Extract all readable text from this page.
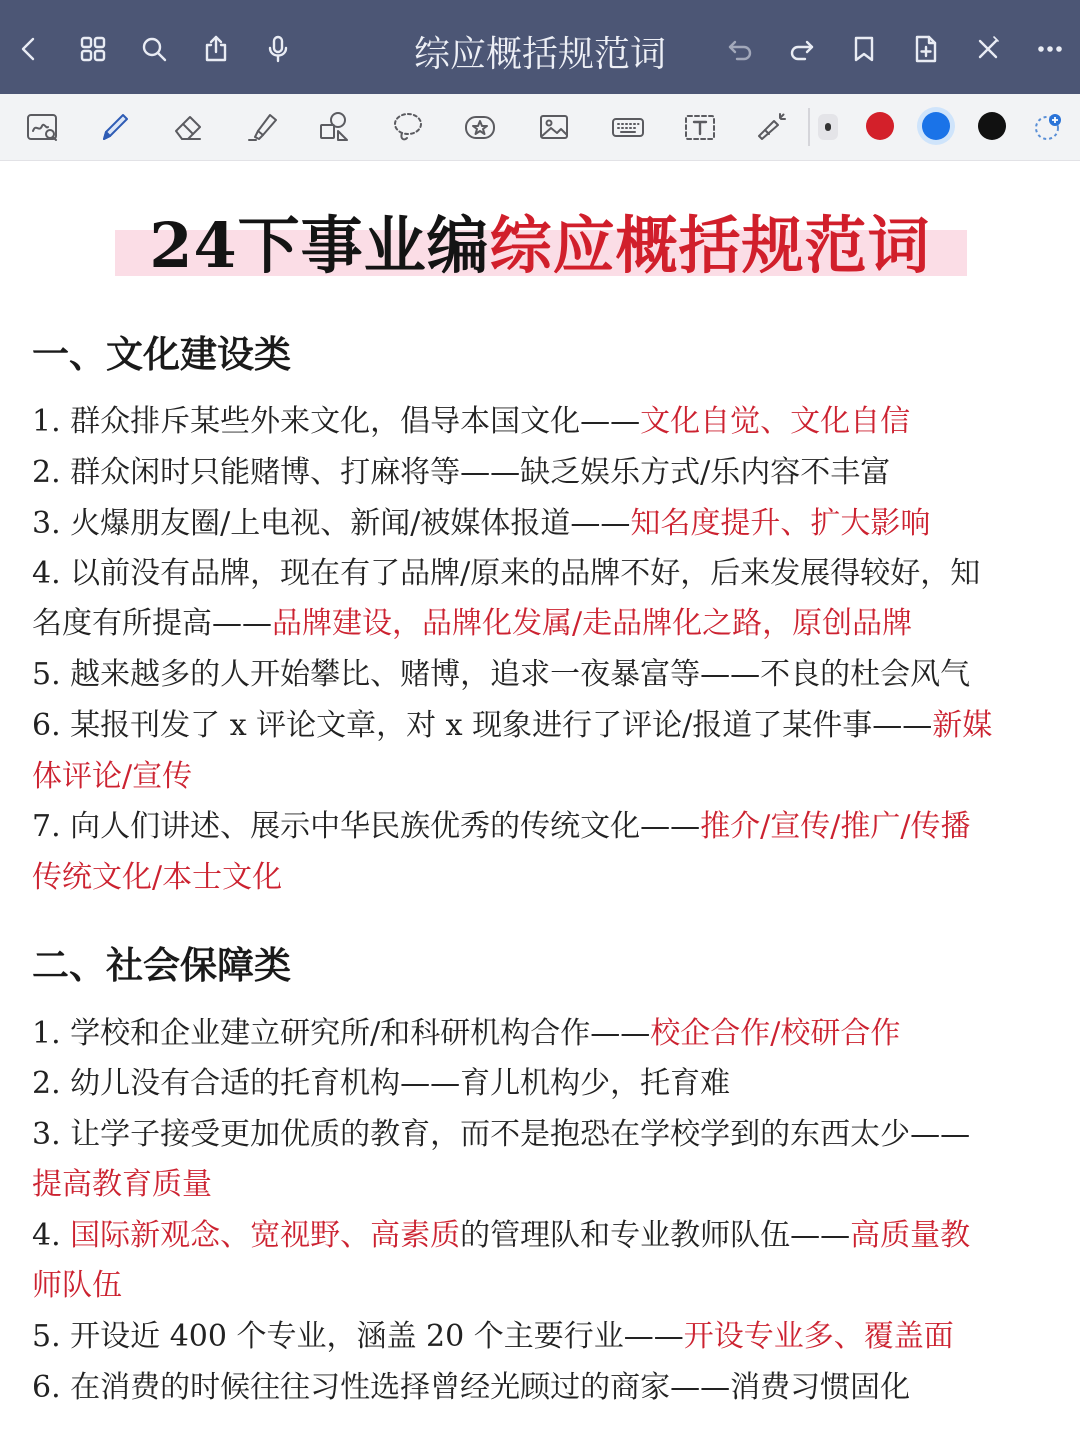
综应概括规范词
24下事业编综应概括规范词
一、文化建设类
1. 群众排斥某些外来文化，倡导本国文化——文化自觉、文化自信
2. 群众闲时只能赌博、打麻将等——缺乏娱乐方式/乐内容不丰富
3. 火爆朋友圈/上电视、新闻/被媒体报道——知名度提升、扩大影响
4. 以前没有品牌，现在有了品牌/原来的品牌不好，后来发展得较好，知
名度有所提高——品牌建设，品牌化发属/走品牌化之路，原创品牌
5. 越来越多的人开始攀比、赌博，追求一夜暴富等——不良的杜会风气
6. 某报刊发了 x 评论文章，对 x 现象进行了评论/报道了某件事——新媒
体评论/宣传
7. 向人们讲述、展示中华民族优秀的传统文化——推介/宣传/推广/传播
传统文化/本士文化
二、社会保障类
1. 学校和企业建立研究所/和科研机构合作——校企合作/校研合作
2. 幼儿没有合适的托育机构——育儿机构少，托育难
3. 让学子接受更加优质的教育，而不是抱恐在学校学到的东西太少——
提高教育质量
4. 国际新观念、宽视野、高素质的管理队和专业教师队伍——高质量教
师队伍
5. 开设近 400 个专业，涵盖 20 个主要行业——开设专业多、覆盖面
6. 在消费的时候往往习性选择曾经光顾过的商家——消费习惯固化
